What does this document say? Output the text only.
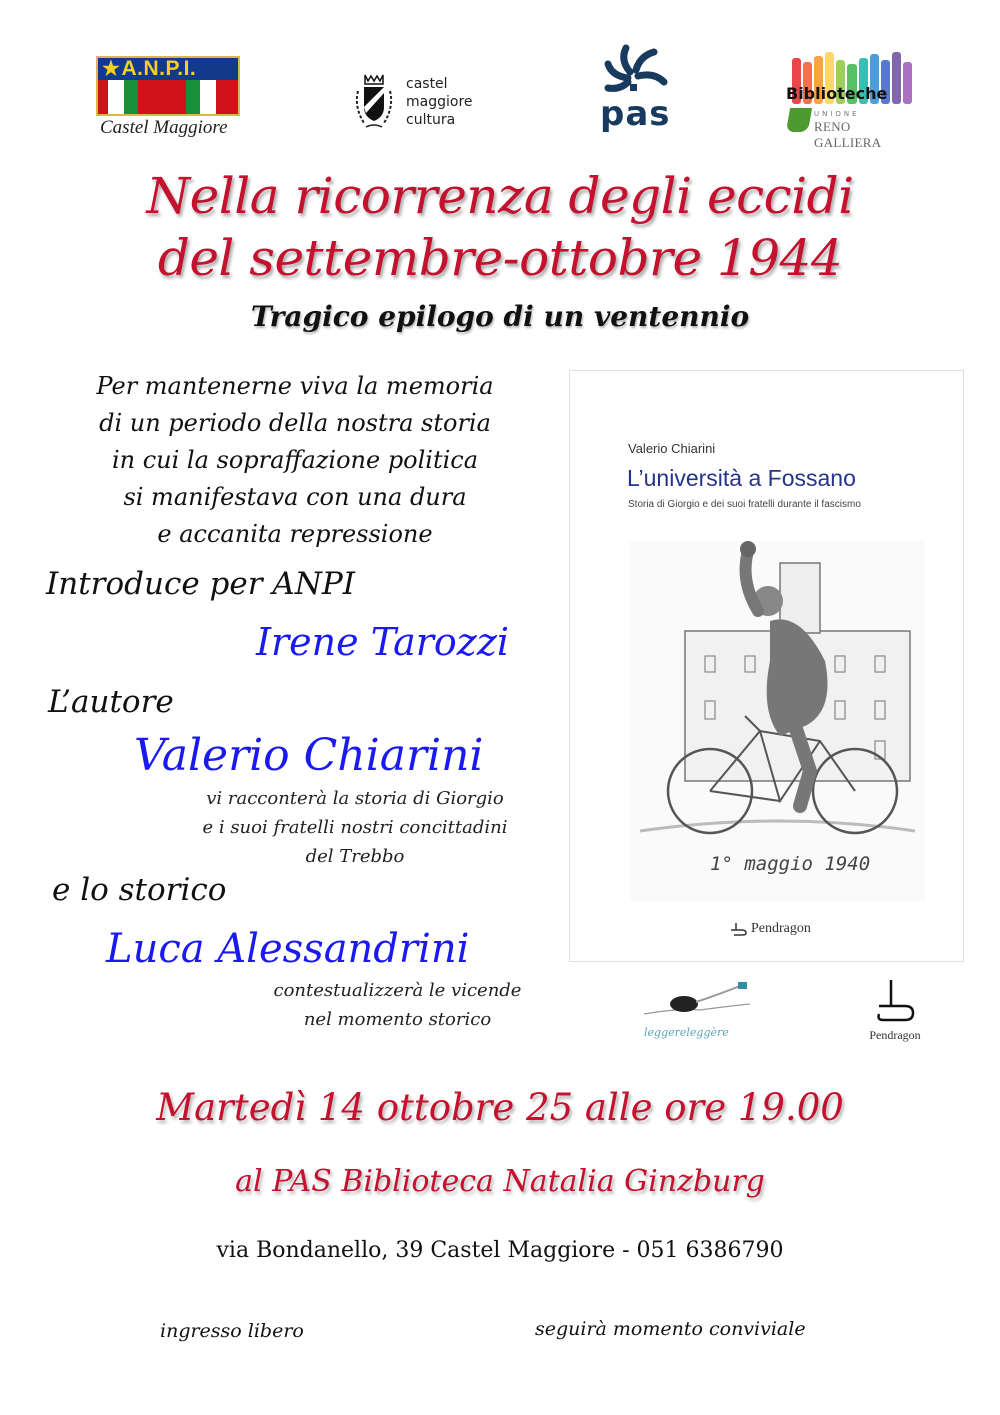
★ A.N.P.I.
Castel Maggiore
castel
maggiore
cultura	pas
Biblioteche
UNIONE
RENO GALLIERA
Nella ricorrenza degli eccidi
del settembre-ottobre 1944
Tragico epilogo di un ventennio
Per mantenerne viva la memoria
di un periodo della nostra storia
in cui la sopraffazione politica
si manifestava con una dura
e accanita repressione
Introduce per ANPI
Irene Tarozzi
L’autore
Valerio Chiarini
vi racconterà la storia di Giorgio
e i suoi fratelli nostri concittadini
del Trebbo
e lo storico
Luca Alessandrini
contestualizzerà le vicende
nel momento storico
Valerio Chiarini
L’università a Fossano
Storia di Giorgio e dei suoi fratelli durante il fascismo
1° maggio 1940
Pendragon
leggereleggère	Pendragon
Martedì 14 ottobre 25 alle ore 19.00
al PAS Biblioteca Natalia Ginzburg
via Bondanello, 39 Castel Maggiore - 051 6386790
ingresso libero	seguirà momento conviviale
